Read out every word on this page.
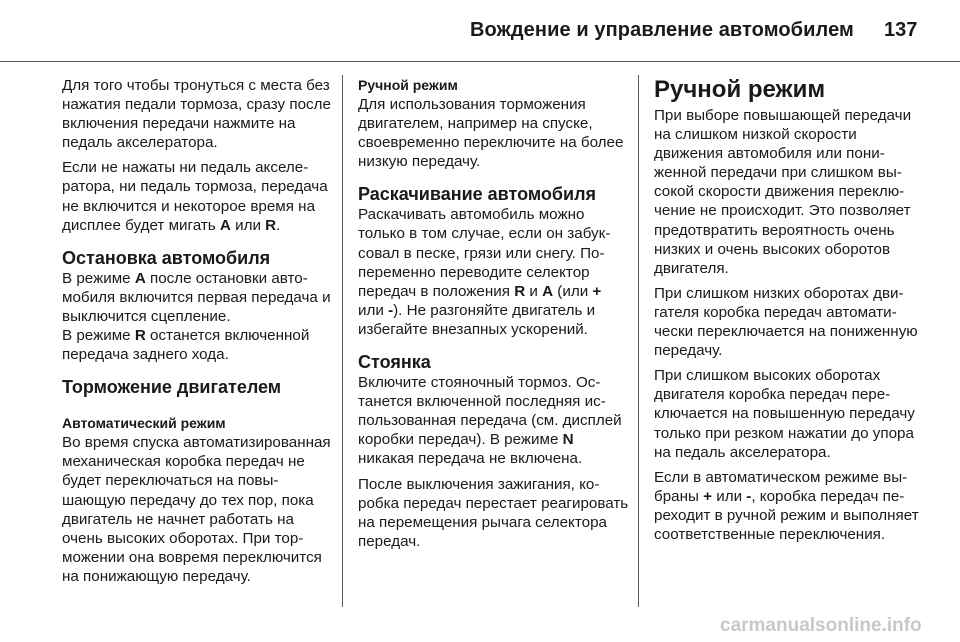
Вождение и управление автомобилем 137

Для того чтобы тронуться с места без нажатия педали тормоза, сразу после включения передачи нажмите на педаль акселератора.

Если не нажаты ни педаль акселератора, ни педаль тормоза, передача не включится и некоторое время на дисплее будет мигать A или R.

Остановка автомобиля

В режиме A после остановки автомобиля включится первая передача и выключится сцепление.

В режиме R останется включенной передача заднего хода.

Торможение двигателем
Автоматический режим

Во время спуска автоматизированная механическая коробка передач не будет переключаться на повышающую передачу до тех пор, пока двигатель не начнет работать на очень высоких оборотах. При торможении она вовремя переключится на понижающую передачу.

Ручной режим

Для использования торможения двигателем, например на спуске, своевременно переключите на более низкую передачу.

Раскачивание автомобиля

Раскачивать автомобиль можно только в том случае, если он забуксовал в песке, грязи или снегу. Попеременно переводите селектор передач в положения R и A (или + или -). Не разгоняйте двигатель и избегайте внезапных ускорений.

Стоянка

Включите стояночный тормоз. Останется включенной последняя использованная передача (см. дисплей коробки передач). В режиме N никакая передача не включена.

После выключения зажигания, коробка передач перестает реагировать на перемещения рычага селектора передач.

Ручной режим

При выборе повышающей передачи на слишком низкой скорости движения автомобиля или пониженной передачи при слишком высокой скорости движения переключение не происходит. Это позволяет предотвратить вероятность очень низких и очень высоких оборотов двигателя.

При слишком низких оборотах двигателя коробка передач автоматически переключается на пониженную передачу.

При слишком высоких оборотах двигателя коробка передач переключается на повышенную передачу только при резком нажатии до упора на педаль акселератора.

Если в автоматическом режиме выбраны + или -, коробка передач переходит в ручной режим и выполняет соответственные переключения.

carmanualsonline.info
